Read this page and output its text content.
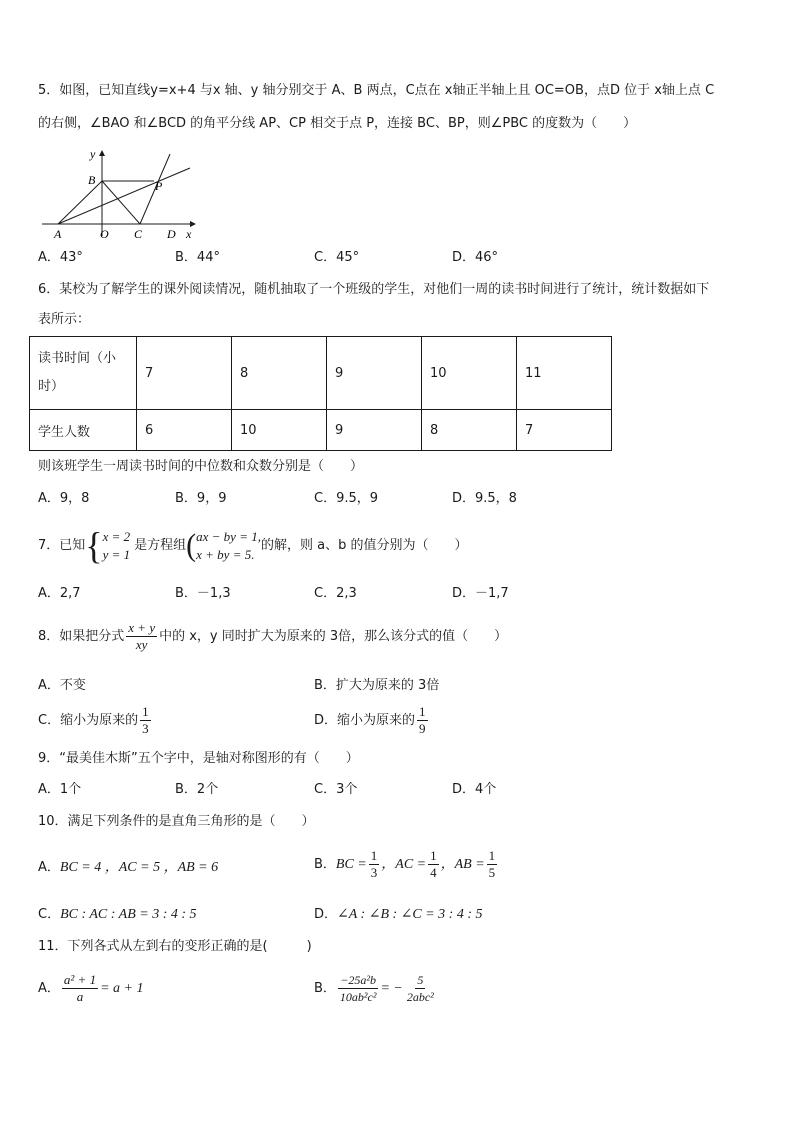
5．如图，已知直线y=x+4 与x 轴、y 轴分别交于 A、B 两点，C点在 x轴正半轴上且 OC=OB，点D 位于 x轴上点 C
的右侧，∠BAO 和∠BCD 的角平分线 AP、CP 相交于点 P，连接 BC、BP，则∠PBC 的度数为（　　）
y
x
A	O C D
B	P
A．43°	B．44°	C．45°	D．46°
6．某校为了解学生的课外阅读情况，随机抽取了一个班级的学生，对他们一周的读书时间进行了统计，统计数据如下
表所示：
读书时间（小
时）	7	8	9	10	11
学生人数	6	10	9	8	7
则该班学生一周读书时间的中位数和众数分别是（　　）
A．9，8	B．9，9	C．9.5，9	D．9.5，8
7．已知 { x = 2
y = 1
是方程组 ( ax − by = 1,
x + by = 5.
的解，则 a、b 的值分别为（　　）
A．2,7	B．－1,3	C．2,3	D．－1,7
8．如果把分式 $\frac{x + y}{xy}$ 中的 x，y 同时扩大为原来的 3倍，那么该分式的值（　　）
A．不变	B．扩大为原来的 3倍
C．缩小为原来的 $\frac{1}{3}$	D．缩小为原来的 $\frac{1}{9}$
9．“最美佳木斯”五个字中，是轴对称图形的有（　　）
A．1个	B．2个	C．3个	D．4个
10．满足下列条件的是直角三角形的是（　　）
A．BC = 4 ，AC = 5 ，AB = 6	B． BC = $\frac{1}{3}$ ，AC = $\frac{1}{4}$ ，AB = $\frac{1}{5}$
C．BC : AC : AB = 3 : 4 : 5	D．∠A : ∠B : ∠C = 3 : 4 : 5
11．下列各式从左到右的变形正确的是(　　　)
A． $\frac{\text{a² + 1}}{a} = a + 1$	B． $\frac{\text{−25a²b}}{\text{10ab²c²}}$ = − $\frac{5}{\text{2abc²}}$
